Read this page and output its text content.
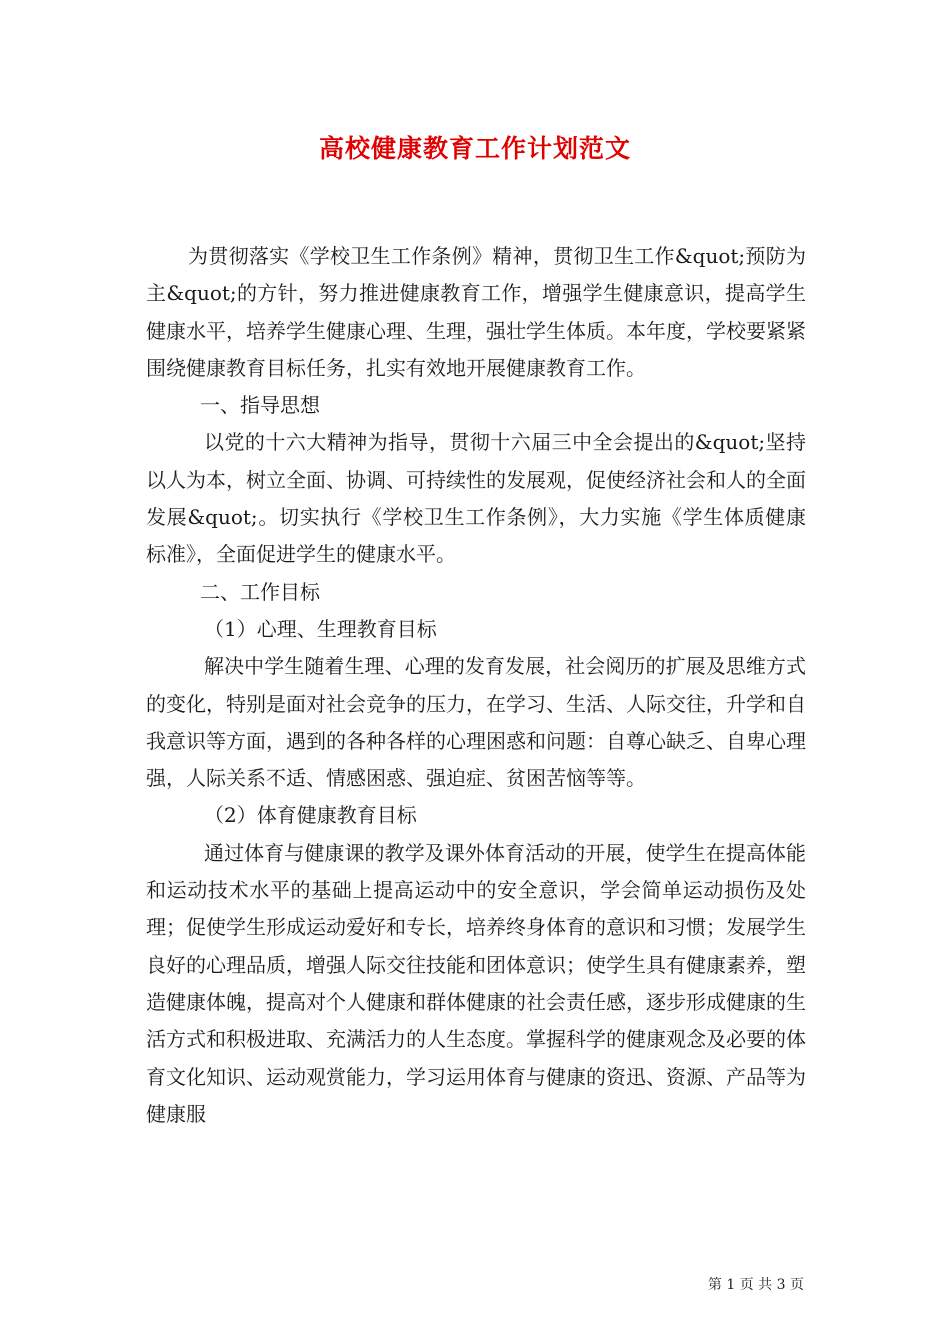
高校健康教育工作计划范文

为贯彻落实《学校卫生工作条例》精神，贯彻卫生工作&quot;预防为主&quot;的方针，努力推进健康教育工作，增强学生健康意识，提高学生健康水平，培养学生健康心理、生理，强壮学生体质。本年度，学校要紧紧围绕健康教育目标任务，扎实有效地开展健康教育工作。

一、指导思想

以党的十六大精神为指导，贯彻十六届三中全会提出的&quot;坚持以人为本，树立全面、协调、可持续性的发展观，促使经济社会和人的全面发展&quot;。切实执行《学校卫生工作条例》，大力实施《学生体质健康标准》，全面促进学生的健康水平。

二、工作目标

（1）心理、生理教育目标

解决中学生随着生理、心理的发育发展，社会阅历的扩展及思维方式的变化，特别是面对社会竞争的压力，在学习、生活、人际交往，升学和自我意识等方面，遇到的各种各样的心理困惑和问题：自尊心缺乏、自卑心理强，人际关系不适、情感困惑、强迫症、贫困苦恼等等。

（2）体育健康教育目标

通过体育与健康课的教学及课外体育活动的开展，使学生在提高体能和运动技术水平的基础上提高运动中的安全意识，学会简单运动损伤及处理；促使学生形成运动爱好和专长，培养终身体育的意识和习惯；发展学生良好的心理品质，增强人际交往技能和团体意识；使学生具有健康素养，塑造健康体魄，提高对个人健康和群体健康的社会责任感，逐步形成健康的生活方式和积极进取、充满活力的人生态度。掌握科学的健康观念及必要的体育文化知识、运动观赏能力，学习运用体育与健康的资迅、资源、产品等为健康服

第 1 页 共 3 页
